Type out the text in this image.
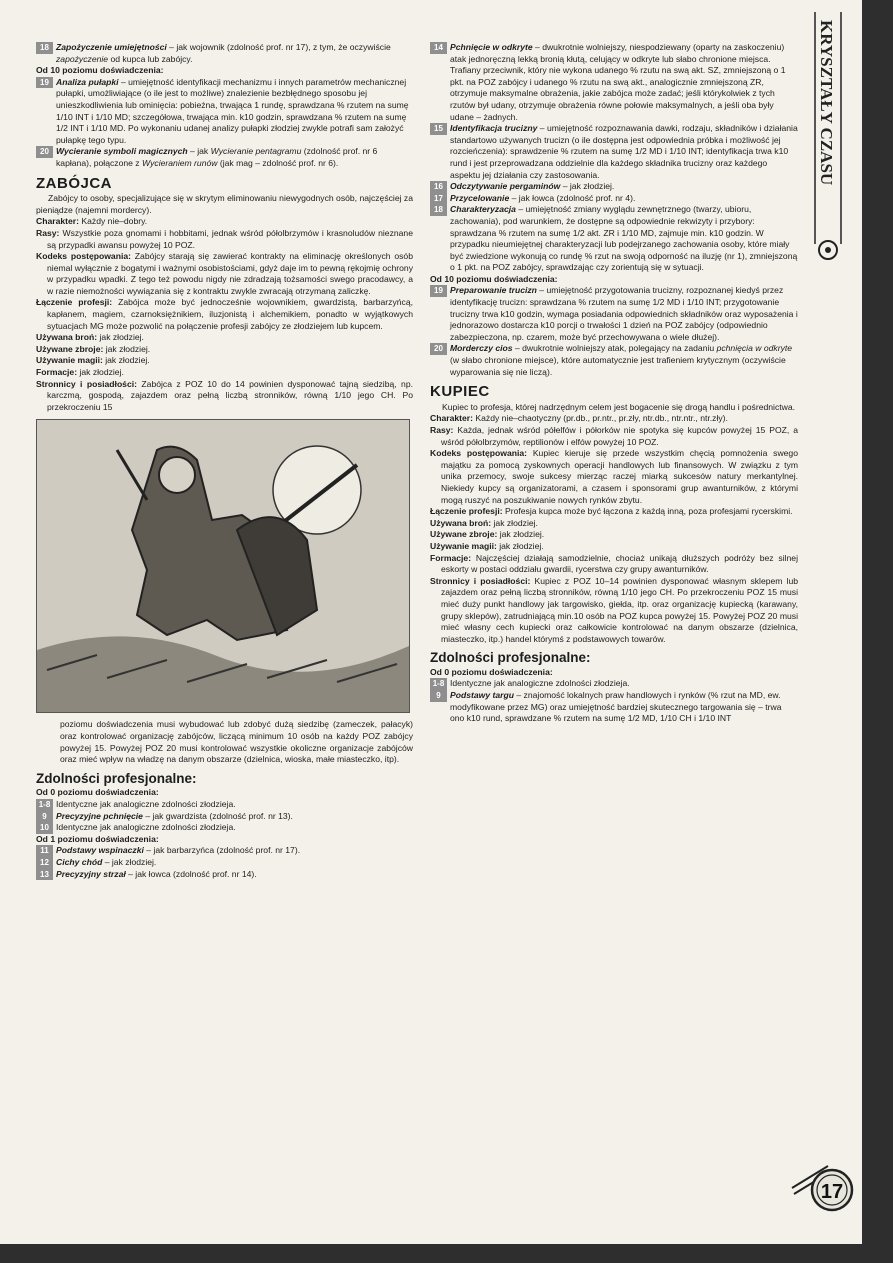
18 Zapożyczenie umiejętności – jak wojownik (zdolność prof. nr 17), z tym, że oczywiście zapożyczenie od kupca lub zabójcy.

Od 10 poziomu doświadczenia:

19 Analiza pułapki – umiejętność identyfikacji mechanizmu i innych parametrów mechanicznej pułapki, umożliwiające (o ile jest to możliwe) znalezienie bezbłędnego sposobu jej unieszkodliwienia lub ominięcia: pobieżna, trwająca 1 rundę, sprawdzana % rzutem na sumę 1/10 INT i 1/10 MD; szczegółowa, trwająca min. k10 godzin, sprawdzana % rzutem na sumę 1/2 INT i 1/10 MD. Po wykonaniu udanej analizy pułapki złodziej zwykle potrafi sam założyć pułapkę tego typu.
20 Wycieranie symboli magicznych – jak Wycieranie pentagramu (zdolność prof. nr 6 kapłana), połączone z Wycieraniem runów (jak mag – zdolność prof. nr 6).
ZABÓJCA

Zabójcy to osoby, specjalizujące się w skrytym eliminowaniu niewygodnych osób, najczęściej za pieniądze (najemni mordercy).

Charakter: Każdy nie–dobry.

Rasy: Wszystkie poza gnomami i hobbitami, jednak wśród półolbrzymów i krasnoludów nieznane są przypadki awansu powyżej 10 POZ.

Kodeks postępowania: Zabójcy starają się zawierać kontrakty na eliminację określonych osób niemal wyłącznie z bogatymi i ważnymi osobistościami, gdyż daje im to pewną rękojmię ochrony w przypadku wpadki. Z tego też powodu nigdy nie zdradzają tożsamości swego pracodawcy, a w razie niemożności wywiązania się z kontraktu zwykle zwracają otrzymaną zaliczkę.

Łączenie profesji: Zabójca może być jednocześnie wojownikiem, gwardzistą, barbarzyńcą, kapłanem, magiem, czarnoksiężnikiem, iluzjonistą i alchemikiem, ponadto w wyjątkowych sytuacjach MG może pozwolić na połączenie profesji zabójcy ze złodziejem lub kupcem.

Używana broń: jak złodziej.

Używane zbroje: jak złodziej.

Używanie magii: jak złodziej.

Formacje: jak złodziej.

Stronnicy i posiadłości: Zabójca z POZ 10 do 14 powinien dysponować tajną siedzibą, np. karczmą, gospodą, zajazdem oraz pełną liczbą stronników, równą 1/10 jego CH. Po przekroczeniu 15

poziomu doświadczenia musi wybudować lub zdobyć dużą siedzibę (zameczek, pałacyk) oraz kontrolować organizację zabójców, liczącą minimum 10 osób na każdy POZ zabójcy powyżej 15. Powyżej POZ 20 musi kontrolować wszystkie okoliczne organizacje zabójców oraz mieć wpływ na władzę na danym obszarze (dzielnica, wioska, małe miasteczko, itp).

Zdolności profesjonalne:

Od 0 poziomu doświadczenia:

1-8 Identyczne jak analogiczne zdolności złodzieja.
9	Precyzyjne pchnięcie – jak gwardzista (zdolność prof. nr 13).
10 Identyczne jak analogiczne zdolności złodzieja.

Od 1 poziomu doświadczenia:

11 Podstawy wspinaczki – jak barbarzyńca (zdolność prof. nr 17).
12 Cichy chód – jak złodziej.
13 Precyzyjny strzał – jak łowca (zdolność prof. nr 14).
14 Pchnięcie w odkryte – dwukrotnie wolniejszy, niespodziewany (oparty na zaskoczeniu) atak jednoręczną lekką bronią kłutą, celujący w odkryte lub słabo chronione miejsca. Trafiany przeciwnik, który nie wykona udanego % rzutu na swą akt. SZ, zmniejszoną o 1 pkt. na POZ zabójcy i udanego % rzutu na swą akt., analogicznie zmniejszoną ZR, otrzymuje maksymalne obrażenia, jakie zabójca może zadać; jeśli którykolwiek z tych rzutów był udany, otrzymuje obrażenia równe połowie maksymalnych, a jeśli oba były udane – żadnych.
15 Identyfikacja trucizny – umiejętność rozpoznawania dawki, rodzaju, składników i działania standartowo używanych trucizn (o ile dostępna jest odpowiednia próbka i możliwość jej rozcieńczenia): sprawdzenie % rzutem na sumę 1/2 MD i 1/10 INT; identyfikacja trwa k10 rund i jest przeprowadzana oddzielnie dla każdego składnika trucizny oraz każdego aspektu jej działania czy zastosowania.
16 Odczytywanie pergaminów – jak złodziej.
17 Przycelowanie – jak łowca (zdolność prof. nr 4).
18 Charakteryzacja – umiejętność zmiany wyglądu zewnętrznego (twarzy, ubioru, zachowania), pod warunkiem, że dostępne są odpowiednie rekwizyty i przybory: sprawdzana % rzutem na sumę 1/2 akt. ZR i 1/10 MD, zajmuje min. k10 godzin. W przypadku nieumiejętnej charakteryzacji lub podejrzanego zachowania osoby, które miały być zwiedzione wykonują co rundę % rzut na swoją odporność na iluzję (nr 1), zmniejszoną o 1 pkt. na POZ zabójcy, sprawdzając czy zorientują się w sytuacji.

Od 10 poziomu doświadczenia:

19 Preparowanie trucizn – umiejętność przygotowania trucizny, rozpoznanej kiedyś przez identyfikację trucizn: sprawdzana % rzutem na sumę 1/2 MD i 1/10 INT; przygotowanie trucizny trwa k10 godzin, wymaga posiadania odpowiednich składników oraz wyposażenia i jednorazowo dostarcza k10 porcji o trwałości 1 dzień na POZ zabójcy (odpowiednio zabezpieczona, np. czarem, może być przechowywana o wiele dłużej).
20 Morderczy cios – dwukrotnie wolniejszy atak, polegający na zadaniu pchnięcia w odkryte (w słabo chronione miejsce), które automatycznie jest trafieniem krytycznym (oczywiście wyparowania się nie liczą).
KUPIEC

Kupiec to profesja, której nadrzędnym celem jest bogacenie się drogą handlu i pośrednictwa.

Charakter: Każdy nie–chaotyczny (pr.db., pr.ntr., pr.zły, ntr.db., ntr.ntr., ntr.zły).

Rasy: Każda, jednak wśród półelfów i półorków nie spotyka się kupców powyżej 15 POZ, a wśród półolbrzymów, reptilionów i elfów powyżej 10 POZ.

Kodeks postępowania: Kupiec kieruje się przede wszystkim chęcią pomnożenia swego majątku za pomocą zyskownych operacji handlowych lub finansowych. W związku z tym unika przemocy, swoje sukcesy mierząc raczej miarką sukcesów natury merkantylnej. Niekiedy kupcy są organizatorami, a czasem i sponsorami grup awanturników, z którymi mogą ruszyć na poszukiwanie nowych rynków zbytu.

Łączenie profesji: Profesja kupca może być łączona z każdą inną, poza profesjami rycerskimi.

Używana broń: jak złodziej.

Używane zbroje: jak złodziej.

Używanie magii: jak złodziej.

Formacje: Najczęściej działają samodzielnie, chociaż unikają dłuższych podróży bez silnej eskorty w postaci oddziału gwardii, rycerstwa czy grupy awanturników.

Stronnicy i posiadłości: Kupiec z POZ 10–14 powinien dysponować własnym sklepem lub zajazdem oraz pełną liczbą stronników, równą 1/10 jego CH. Po przekroczeniu POZ 15 musi mieć duży punkt handlowy jak targowisko, giełda, itp. oraz organizację kupiecką (karawany, grupy sklepów), zatrudniającą min.10 osób na POZ kupca powyżej 15. Powyżej POZ 20 musi mieć własny cech kupiecki oraz całkowicie kontrolować na danym obszarze (dzielnica, miasteczko, itp.) handel którymś z podstawowych towarów.

Zdolności profesjonalne:

Od 0 poziomu doświadczenia:

1-8 Identyczne jak analogiczne zdolności złodzieja.
9	Podstawy targu – znajomość lokalnych praw handlowych i rynków (% rzut na MD, ew. modyfikowane przez MG) oraz umiejętność bardziej skutecznego targowania się – trwa ono k10 rund, sprawdzane % rzutem na sumę 1/2 MD, 1/10 CH i 1/10 INT
KRYSZTAŁY CZASU
17
